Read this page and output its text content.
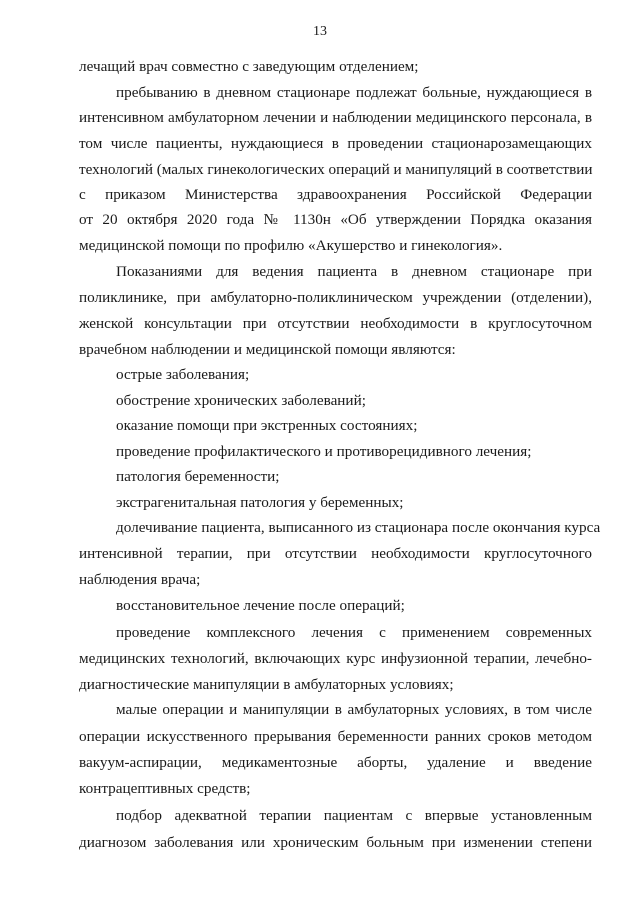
13
лечащий врач совместно с заведующим отделением;
пребыванию в дневном стационаре подлежат больные, нуждающиеся в
интенсивном амбулаторном лечении и наблюдении медицинского персонала, в
том числе пациенты, нуждающиеся в проведении стационарозамещающих
технологий (малых гинекологических операций и манипуляций в соответствии
с приказом Министерства здравоохранения Российской Федерации
от 20 октября 2020 года № 1130н «Об утверждении Порядка оказания
медицинской помощи по профилю «Акушерство и гинекология».
Показаниями для ведения пациента в дневном стационаре при
поликлинике, при амбулаторно-поликлиническом учреждении (отделении),
женской консультации при отсутствии необходимости в круглосуточном
врачебном наблюдении и медицинской помощи являются:
острые заболевания;
обострение хронических заболеваний;
оказание помощи при экстренных состояниях;
проведение профилактического и противорецидивного лечения;
патология беременности;
экстрагенитальная патология у беременных;
долечивание пациента, выписанного из стационара после окончания курса
интенсивной терапии, при отсутствии необходимости круглосуточного
наблюдения врача;
восстановительное лечение после операций;
проведение комплексного лечения с применением современных
медицинских технологий, включающих курс инфузионной терапии, лечебно-
диагностические манипуляции в амбулаторных условиях;
малые операции и манипуляции в амбулаторных условиях, в том числе
операции искусственного прерывания беременности ранних сроков методом
вакуум-аспирации, медикаментозные аборты, удаление и введение
контрацептивных средств;
подбор адекватной терапии пациентам с впервые установленным
диагнозом заболевания или хроническим больным при изменении степени
